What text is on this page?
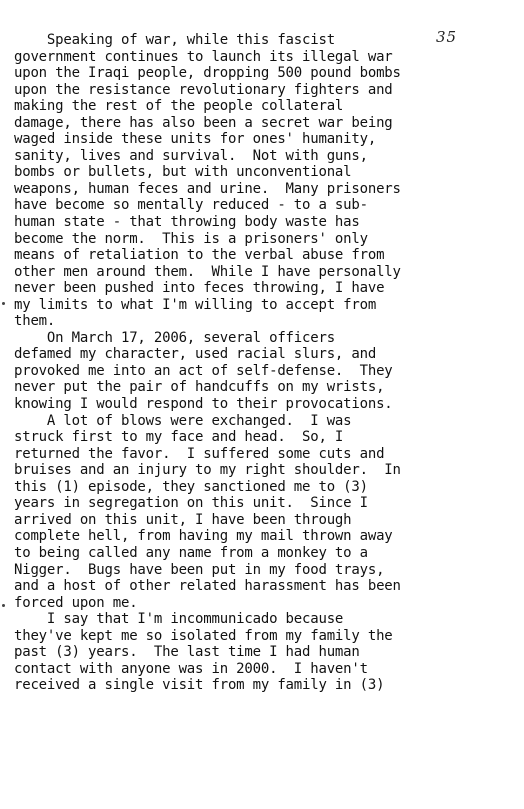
35
Speaking of war, while this fascist
government continues to launch its illegal war
upon the Iraqi people, dropping 500 pound bombs
upon the resistance revolutionary fighters and
making the rest of the people collateral
damage, there has also been a secret war being
waged inside these units for ones' humanity,
sanity, lives and survival.  Not with guns,
bombs or bullets, but with unconventional
weapons, human feces and urine.  Many prisoners
have become so mentally reduced - to a sub-
human state - that throwing body waste has
become the norm.  This is a prisoners' only
means of retaliation to the verbal abuse from
other men around them.  While I have personally
never been pushed into feces throwing, I have
my limits to what I'm willing to accept from
them.
On March 17, 2006, several officers
defamed my character, used racial slurs, and
provoked me into an act of self-defense.  They
never put the pair of handcuffs on my wrists,
knowing I would respond to their provocations.
A lot of blows were exchanged.  I was
struck first to my face and head.  So, I
returned the favor.  I suffered some cuts and
bruises and an injury to my right shoulder.  In
this (1) episode, they sanctioned me to (3)
years in segregation on this unit.  Since I
arrived on this unit, I have been through
complete hell, from having my mail thrown away
to being called any name from a monkey to a
Nigger.  Bugs have been put in my food trays,
and a host of other related harassment has been
forced upon me.
I say that I'm incommunicado because
they've kept me so isolated from my family the
past (3) years.  The last time I had human
contact with anyone was in 2000.  I haven't
received a single visit from my family in (3)
